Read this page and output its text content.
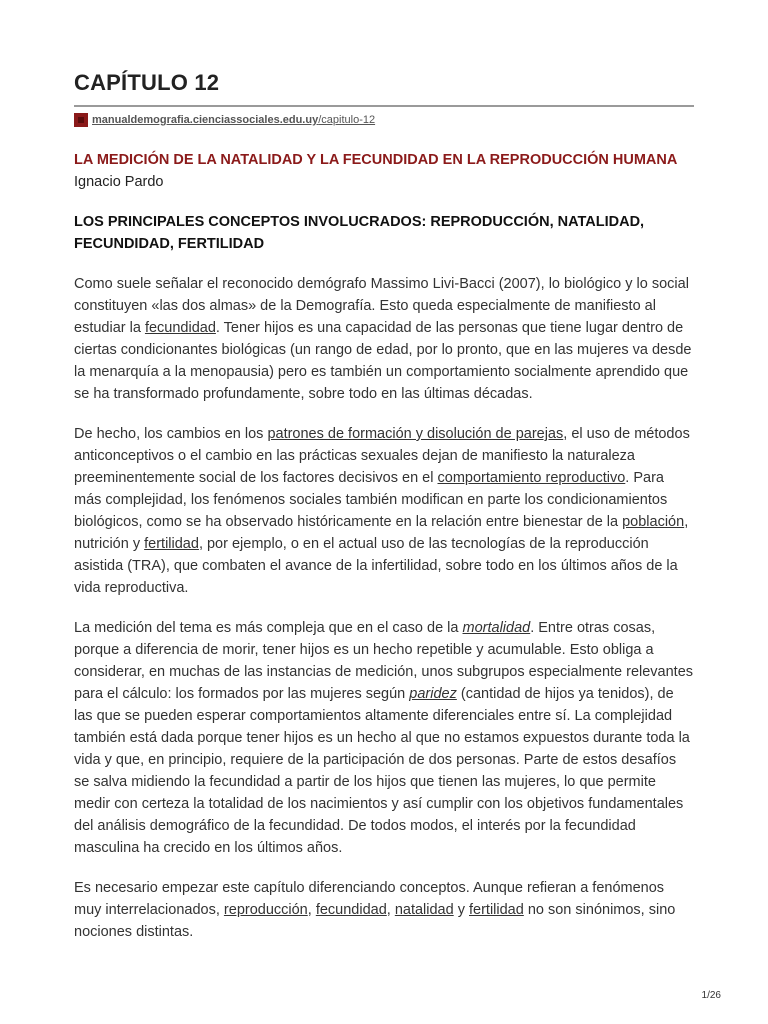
CAPÍTULO 12
manualdemografia.cienciassociales.edu.uy /capitulo-12
LA MEDICIÓN DE LA NATALIDAD Y LA FECUNDIDAD EN LA REPRODUCCIÓN HUMANA
Ignacio Pardo
LOS PRINCIPALES CONCEPTOS INVOLUCRADOS: REPRODUCCIÓN, NATALIDAD, FECUNDIDAD, FERTILIDAD

Como suele señalar el reconocido demógrafo Massimo Livi-Bacci (2007), lo biológico y lo social constituyen «las dos almas» de la Demografía. Esto queda especialmente de manifiesto al estudiar la fecundidad. Tener hijos es una capacidad de las personas que tiene lugar dentro de ciertas condicionantes biológicas (un rango de edad, por lo pronto, que en las mujeres va desde la menarquía a la menopausia) pero es también un comportamiento socialmente aprendido que se ha transformado profundamente, sobre todo en las últimas décadas.

De hecho, los cambios en los patrones de formación y disolución de parejas, el uso de métodos anticonceptivos o el cambio en las prácticas sexuales dejan de manifiesto la naturaleza preeminentemente social de los factores decisivos en el comportamiento reproductivo. Para más complejidad, los fenómenos sociales también modifican en parte los condicionamientos biológicos, como se ha observado históricamente en la relación entre bienestar de la población, nutrición y fertilidad, por ejemplo, o en el actual uso de las tecnologías de la reproducción asistida (TRA), que combaten el avance de la infertilidad, sobre todo en los últimos años de la vida reproductiva.

La medición del tema es más compleja que en el caso de la mortalidad. Entre otras cosas, porque a diferencia de morir, tener hijos es un hecho repetible y acumulable. Esto obliga a considerar, en muchas de las instancias de medición, unos subgrupos especialmente relevantes para el cálculo: los formados por las mujeres según paridez (cantidad de hijos ya tenidos), de las que se pueden esperar comportamientos altamente diferenciales entre sí. La complejidad también está dada porque tener hijos es un hecho al que no estamos expuestos durante toda la vida y que, en principio, requiere de la participación de dos personas. Parte de estos desafíos se salva midiendo la fecundidad a partir de los hijos que tienen las mujeres, lo que permite medir con certeza la totalidad de los nacimientos y así cumplir con los objetivos fundamentales del análisis demográfico de la fecundidad. De todos modos, el interés por la fecundidad masculina ha crecido en los últimos años.

Es necesario empezar este capítulo diferenciando conceptos. Aunque refieran a fenómenos muy interrelacionados, reproducción, fecundidad, natalidad y fertilidad no son sinónimos, sino nociones distintas.

1/26
